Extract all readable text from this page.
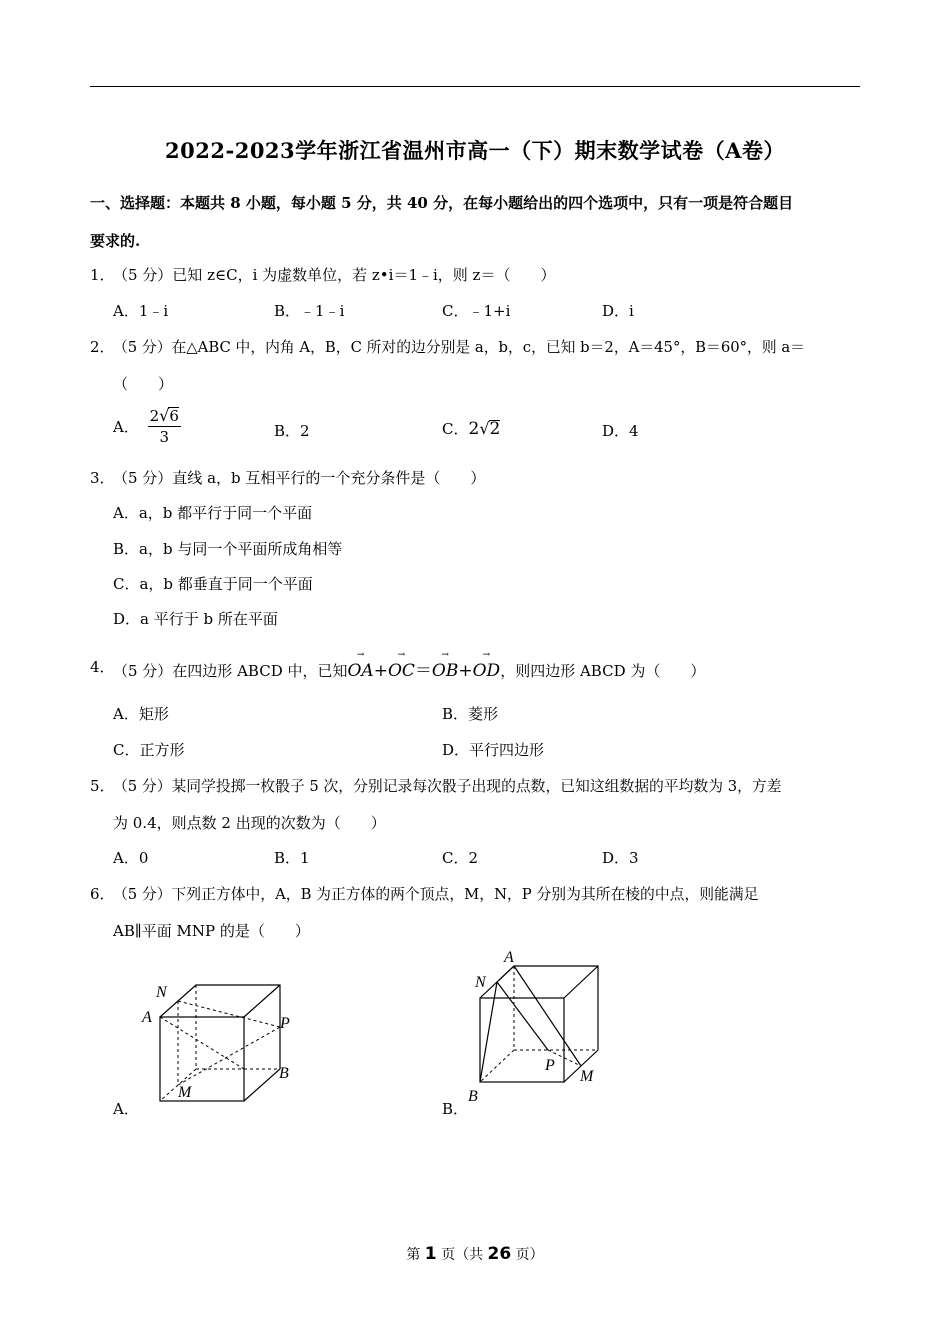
2022-2023学年浙江省温州市高一（下）期末数学试卷（A卷）
一、选择题：本题共 8 小题，每小题 5 分，共 40 分，在每小题给出的四个选项中，只有一项是符合题目
要求的.
1．
（5 分）已知 z∈C，i 为虚数单位，若 z•i＝1﹣i，则 z＝（　　）
A．1﹣i	B．﹣1﹣i	C．﹣1+i	D．i
2．
（5 分）在△ABC 中，内角 A，B，C 所对的边分别是 a，b，c，已知 b＝2，A＝45°，B＝60°，则 a＝
（　　）
A． $\frac{2√6}{3}$	B．2	C．2√2	D．4
3．
（5 分）直线 a，b 互相平行的一个充分条件是（　　）
A．a，b 都平行于同一个平面
B．a，b 与同一个平面所成角相等
C．a，b 都垂直于同一个平面
D．a 平行于 b 所在平面
4．
（5 分）在四边形 ABCD 中，已知→ OA+→ OC＝→ OB+→ OD，则四边形 ABCD 为（　　）
A．矩形	B．菱形
C．正方形	D．平行四边形
5．
（5 分）某同学投掷一枚骰子 5 次，分别记录每次骰子出现的点数，已知这组数据的平均数为 3，方差
为 0.4，则点数 2 出现的次数为（　　）
A．0	B．1	C．2	D．3
6．
（5 分）下列正方体中，A，B 为正方体的两个顶点，M，N，P 分别为其所在棱的中点，则能满足
AB∥平面 MNP 的是（　　）
A．	B．
N
A	P
B
M
A
N
P
M
B
第 1 页（共 26 页）
